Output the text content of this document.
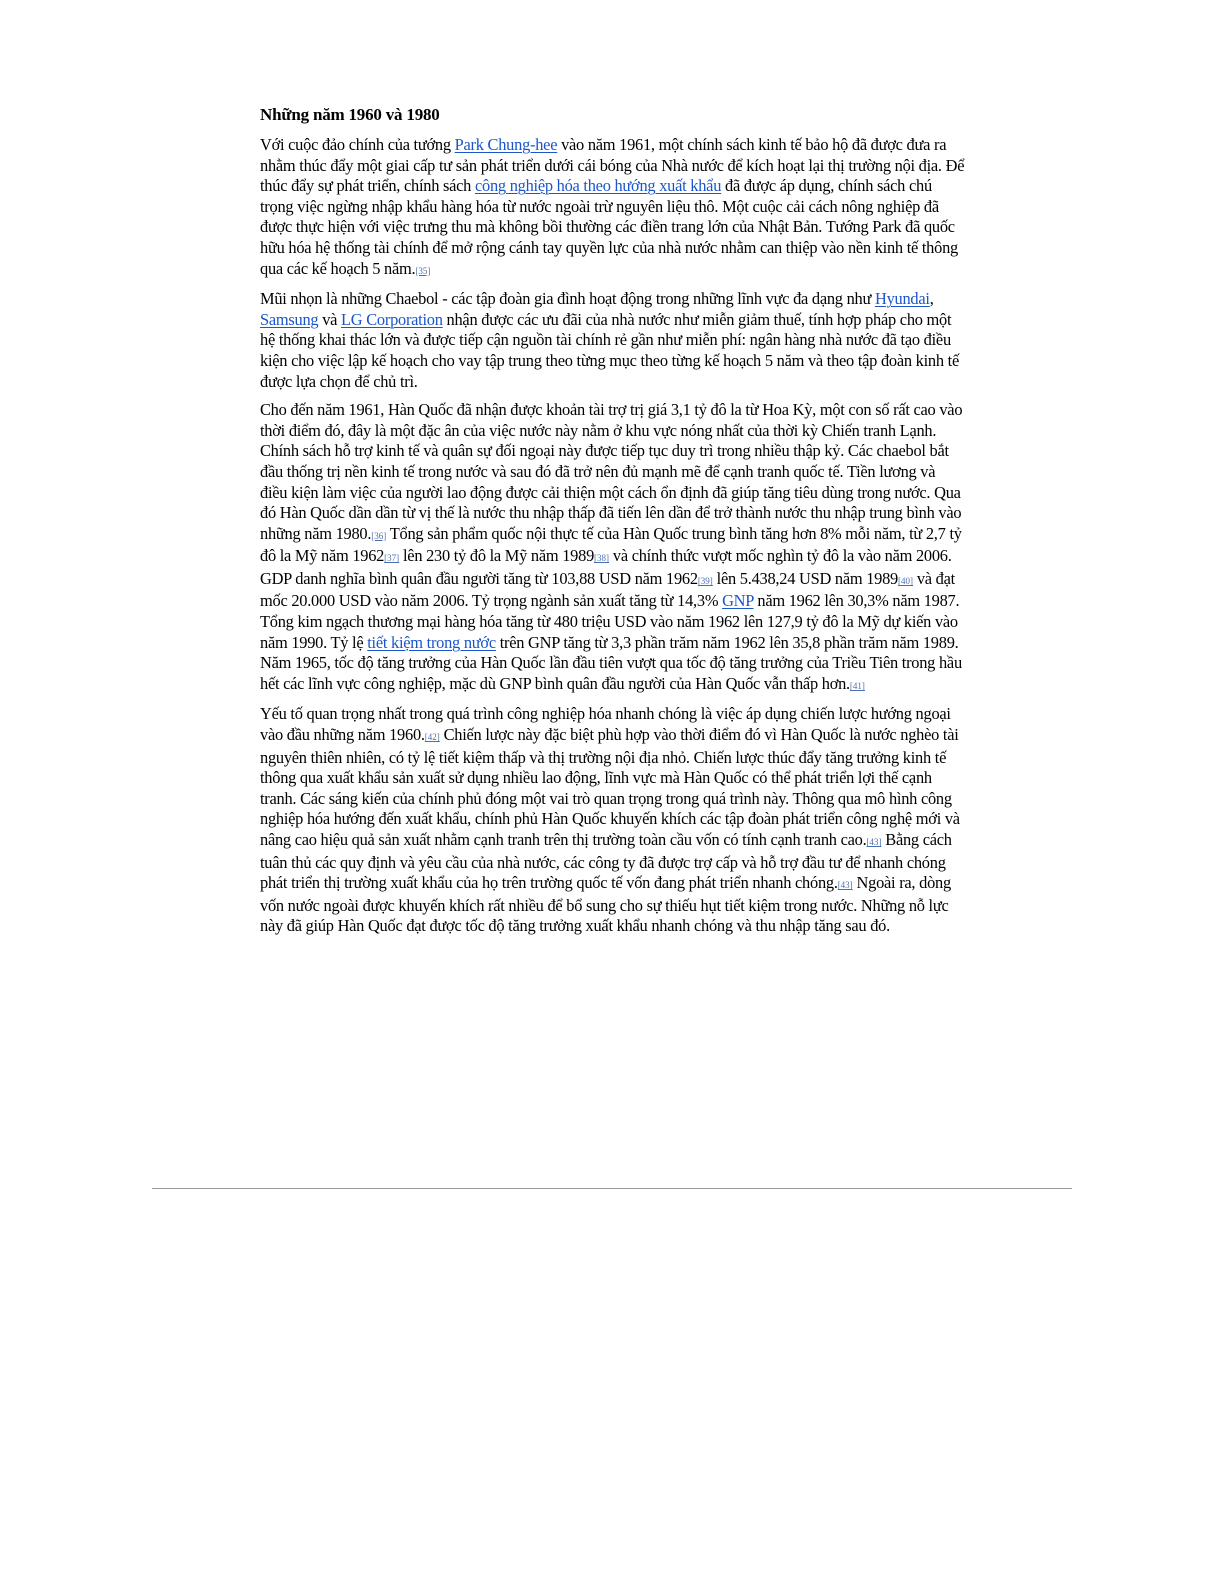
Những năm 1960 và 1980

Với cuộc đảo chính của tướng Park Chung-hee vào năm 1961, một chính sách kinh tế bảo hộ đã được đưa ra nhằm thúc đẩy một giai cấp tư sản phát triển dưới cái bóng của Nhà nước để kích hoạt lại thị trường nội địa. Để thúc đẩy sự phát triển, chính sách công nghiệp hóa theo hướng xuất khẩu đã được áp dụng, chính sách chú trọng việc ngừng nhập khẩu hàng hóa từ nước ngoài trừ nguyên liệu thô. Một cuộc cải cách nông nghiệp đã được thực hiện với việc trưng thu mà không bồi thường các điền trang lớn của Nhật Bản. Tướng Park đã quốc hữu hóa hệ thống tài chính để mở rộng cánh tay quyền lực của nhà nước nhằm can thiệp vào nền kinh tế thông qua các kế hoạch 5 năm.[35]

Mũi nhọn là những Chaebol - các tập đoàn gia đình hoạt động trong những lĩnh vực đa dạng như Hyundai, Samsung và LG Corporation nhận được các ưu đãi của nhà nước như miễn giảm thuế, tính hợp pháp cho một hệ thống khai thác lớn và được tiếp cận nguồn tài chính rẻ gần như miễn phí: ngân hàng nhà nước đã tạo điều kiện cho việc lập kế hoạch cho vay tập trung theo từng mục theo từng kế hoạch 5 năm và theo tập đoàn kinh tế được lựa chọn để chủ trì.

Cho đến năm 1961, Hàn Quốc đã nhận được khoản tài trợ trị giá 3,1 tỷ đô la từ Hoa Kỳ, một con số rất cao vào thời điểm đó, đây là một đặc ân của việc nước này nằm ở khu vực nóng nhất của thời kỳ Chiến tranh Lạnh. Chính sách hỗ trợ kinh tế và quân sự đối ngoại này được tiếp tục duy trì trong nhiều thập kỷ. Các chaebol bắt đầu thống trị nền kinh tế trong nước và sau đó đã trở nên đủ mạnh mẽ để cạnh tranh quốc tế. Tiền lương và điều kiện làm việc của người lao động được cải thiện một cách ổn định đã giúp tăng tiêu dùng trong nước. Qua đó Hàn Quốc dần dần từ vị thế là nước thu nhập thấp đã tiến lên dần để trở thành nước thu nhập trung bình vào những năm 1980.[36] Tổng sản phẩm quốc nội thực tế của Hàn Quốc trung bình tăng hơn 8% mỗi năm, từ 2,7 tỷ đô la Mỹ năm 1962[37] lên 230 tỷ đô la Mỹ năm 1989[38] và chính thức vượt mốc nghìn tỷ đô la vào năm 2006. GDP danh nghĩa bình quân đầu người tăng từ 103,88 USD năm 1962[39] lên 5.438,24 USD năm 1989[40] và đạt mốc 20.000 USD vào năm 2006. Tỷ trọng ngành sản xuất tăng từ 14,3% GNP năm 1962 lên 30,3% năm 1987. Tổng kim ngạch thương mại hàng hóa tăng từ 480 triệu USD vào năm 1962 lên 127,9 tỷ đô la Mỹ dự kiến vào năm 1990. Tỷ lệ tiết kiệm trong nước trên GNP tăng từ 3,3 phần trăm năm 1962 lên 35,8 phần trăm năm 1989. Năm 1965, tốc độ tăng trưởng của Hàn Quốc lần đầu tiên vượt qua tốc độ tăng trưởng của Triều Tiên trong hầu hết các lĩnh vực công nghiệp, mặc dù GNP bình quân đầu người của Hàn Quốc vẫn thấp hơn.[41]

Yếu tố quan trọng nhất trong quá trình công nghiệp hóa nhanh chóng là việc áp dụng chiến lược hướng ngoại vào đầu những năm 1960.[42] Chiến lược này đặc biệt phù hợp vào thời điểm đó vì Hàn Quốc là nước nghèo tài nguyên thiên nhiên, có tỷ lệ tiết kiệm thấp và thị trường nội địa nhỏ. Chiến lược thúc đẩy tăng trưởng kinh tế thông qua xuất khẩu sản xuất sử dụng nhiều lao động, lĩnh vực mà Hàn Quốc có thể phát triển lợi thế cạnh tranh. Các sáng kiến của chính phủ đóng một vai trò quan trọng trong quá trình này. Thông qua mô hình công nghiệp hóa hướng đến xuất khẩu, chính phủ Hàn Quốc khuyến khích các tập đoàn phát triển công nghệ mới và nâng cao hiệu quả sản xuất nhằm cạnh tranh trên thị trường toàn cầu vốn có tính cạnh tranh cao.[43] Bằng cách tuân thủ các quy định và yêu cầu của nhà nước, các công ty đã được trợ cấp và hỗ trợ đầu tư để nhanh chóng phát triển thị trường xuất khẩu của họ trên trường quốc tế vốn đang phát triển nhanh chóng.[43] Ngoài ra, dòng vốn nước ngoài được khuyến khích rất nhiều để bổ sung cho sự thiếu hụt tiết kiệm trong nước. Những nỗ lực này đã giúp Hàn Quốc đạt được tốc độ tăng trưởng xuất khẩu nhanh chóng và thu nhập tăng sau đó.
